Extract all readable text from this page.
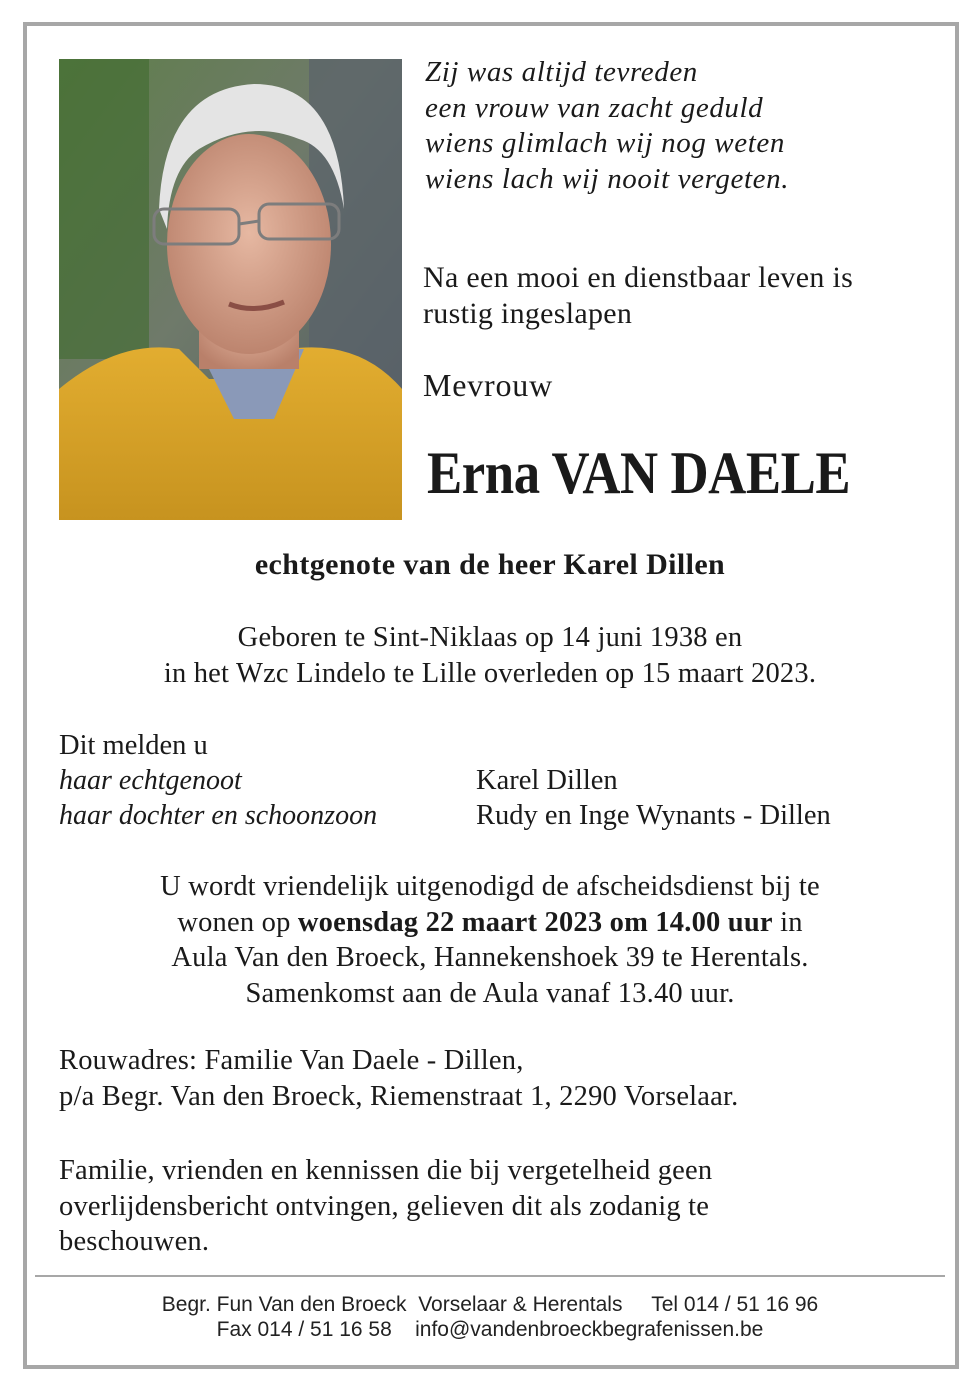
Zij was altijd tevreden
een vrouw van zacht geduld
wiens glimlach wij nog weten
wiens lach wij nooit vergeten.
Na een mooi en dienstbaar leven is
rustig ingeslapen
Mevrouw
Erna VAN DAELE
echtgenote van de heer Karel Dillen
Geboren te Sint-Niklaas op 14 juni 1938 en
in het Wzc Lindelo te Lille overleden op 15 maart 2023.
Dit melden u
haar echtgenoot
haar dochter en schoonzoon
Karel Dillen
Rudy en Inge Wynants - Dillen
U wordt vriendelijk uitgenodigd de afscheidsdienst bij te
wonen op woensdag 22 maart 2023 om 14.00 uur in
Aula Van den Broeck, Hannekenshoek 39 te Herentals.
Samenkomst aan de Aula vanaf 13.40 uur.
Rouwadres: Familie Van Daele - Dillen,
p/a Begr. Van den Broeck, Riemenstraat 1, 2290 Vorselaar.
Familie, vrienden en kennissen die bij vergetelheid geen
overlijdensbericht ontvingen, gelieven dit als zodanig te
beschouwen.
Begr. Fun Van den Broeck  Vorselaar & Herentals     Tel 014 / 51 16 96
Fax 014 / 51 16 58    info@vandenbroeckbegrafenissen.be
